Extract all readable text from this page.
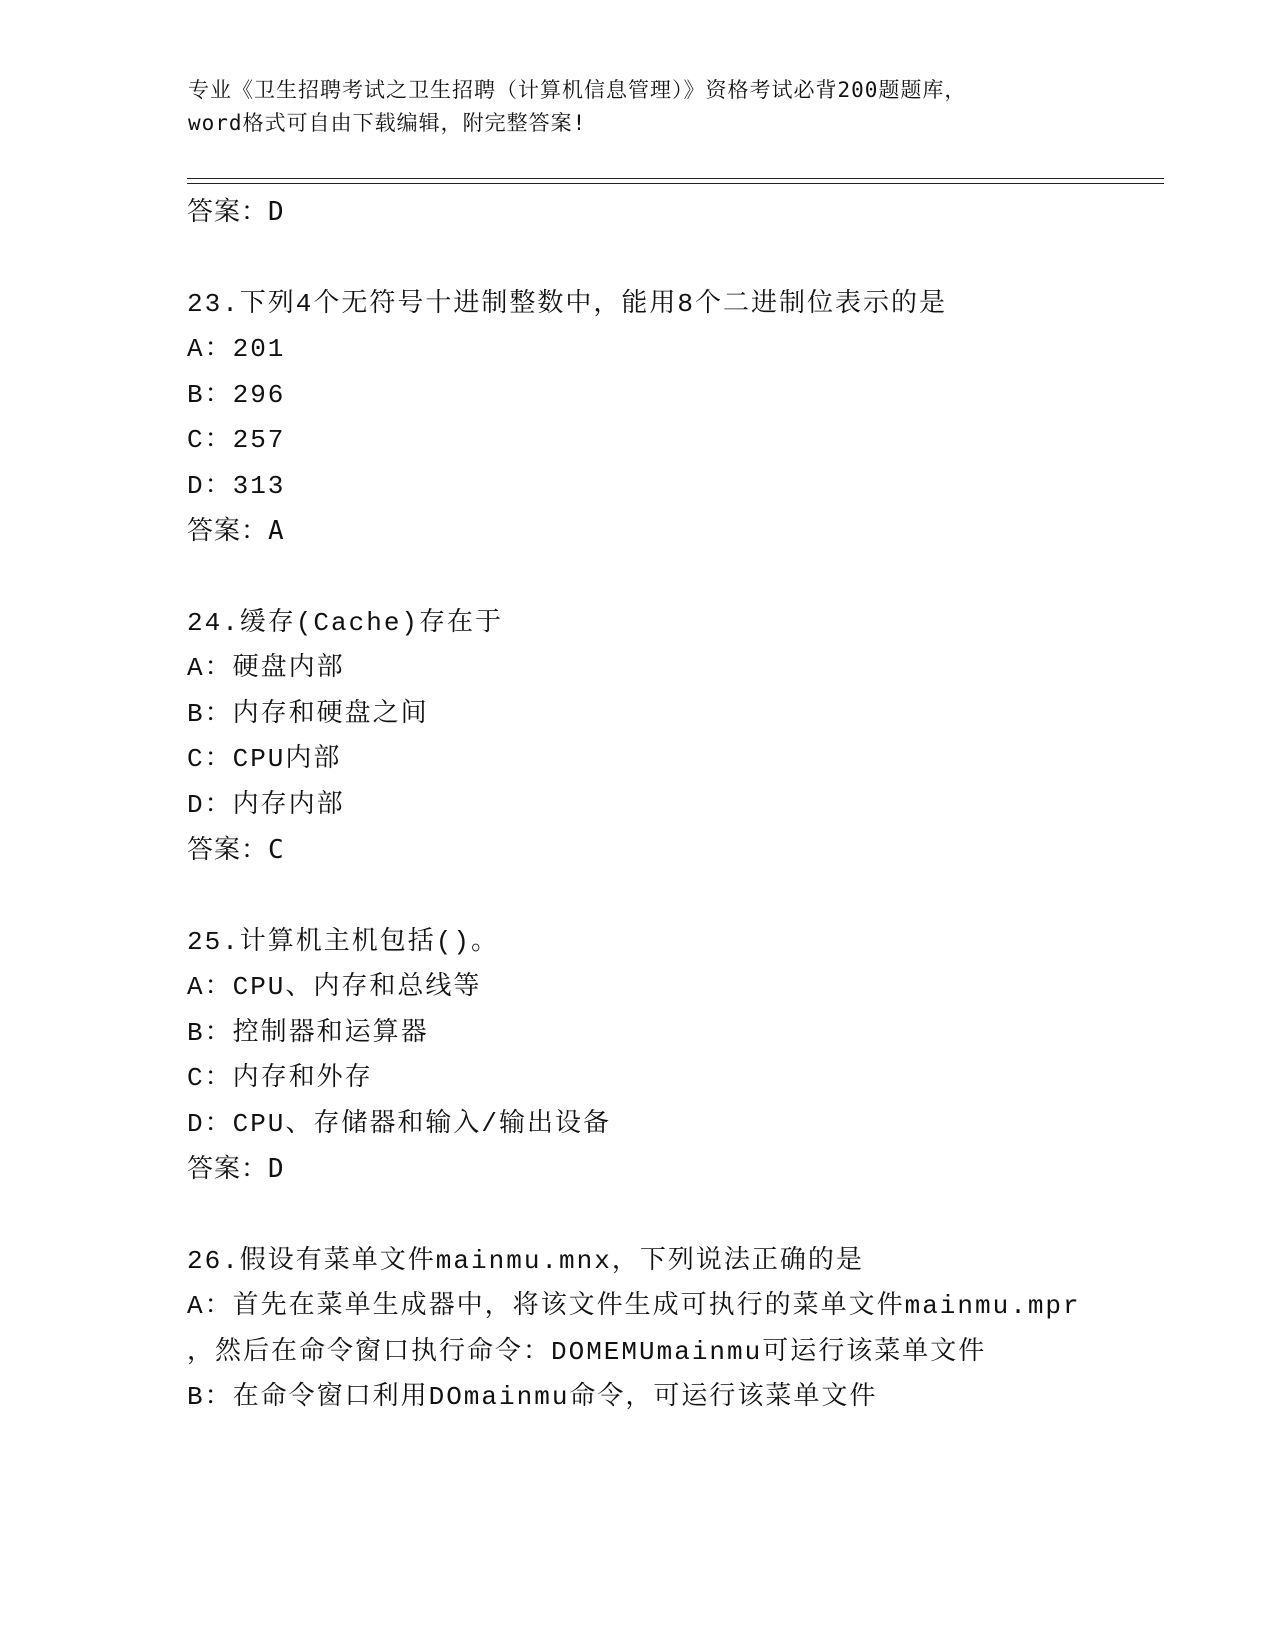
专业《卫生招聘考试之卫生招聘（计算机信息管理）》资格考试必背200题题库，
word格式可自由下载编辑，附完整答案!
答案：D
23.下列4个无符号十进制整数中，能用8个二进制位表示的是
A：201
B：296
C：257
D：313
答案：A
24.缓存(Cache)存在于
A：硬盘内部
B：内存和硬盘之间
C：CPU内部
D：内存内部
答案：C
25.计算机主机包括()。
A：CPU、内存和总线等
B：控制器和运算器
C：内存和外存
D：CPU、存储器和输入/输出设备
答案：D
26.假设有菜单文件mainmu.mnx，下列说法正确的是
A：首先在菜单生成器中，将该文件生成可执行的菜单文件mainmu.mpr
，然后在命令窗口执行命令：DOMEMUmainmu可运行该菜单文件
B：在命令窗口利用DOmainmu命令，可运行该菜单文件
